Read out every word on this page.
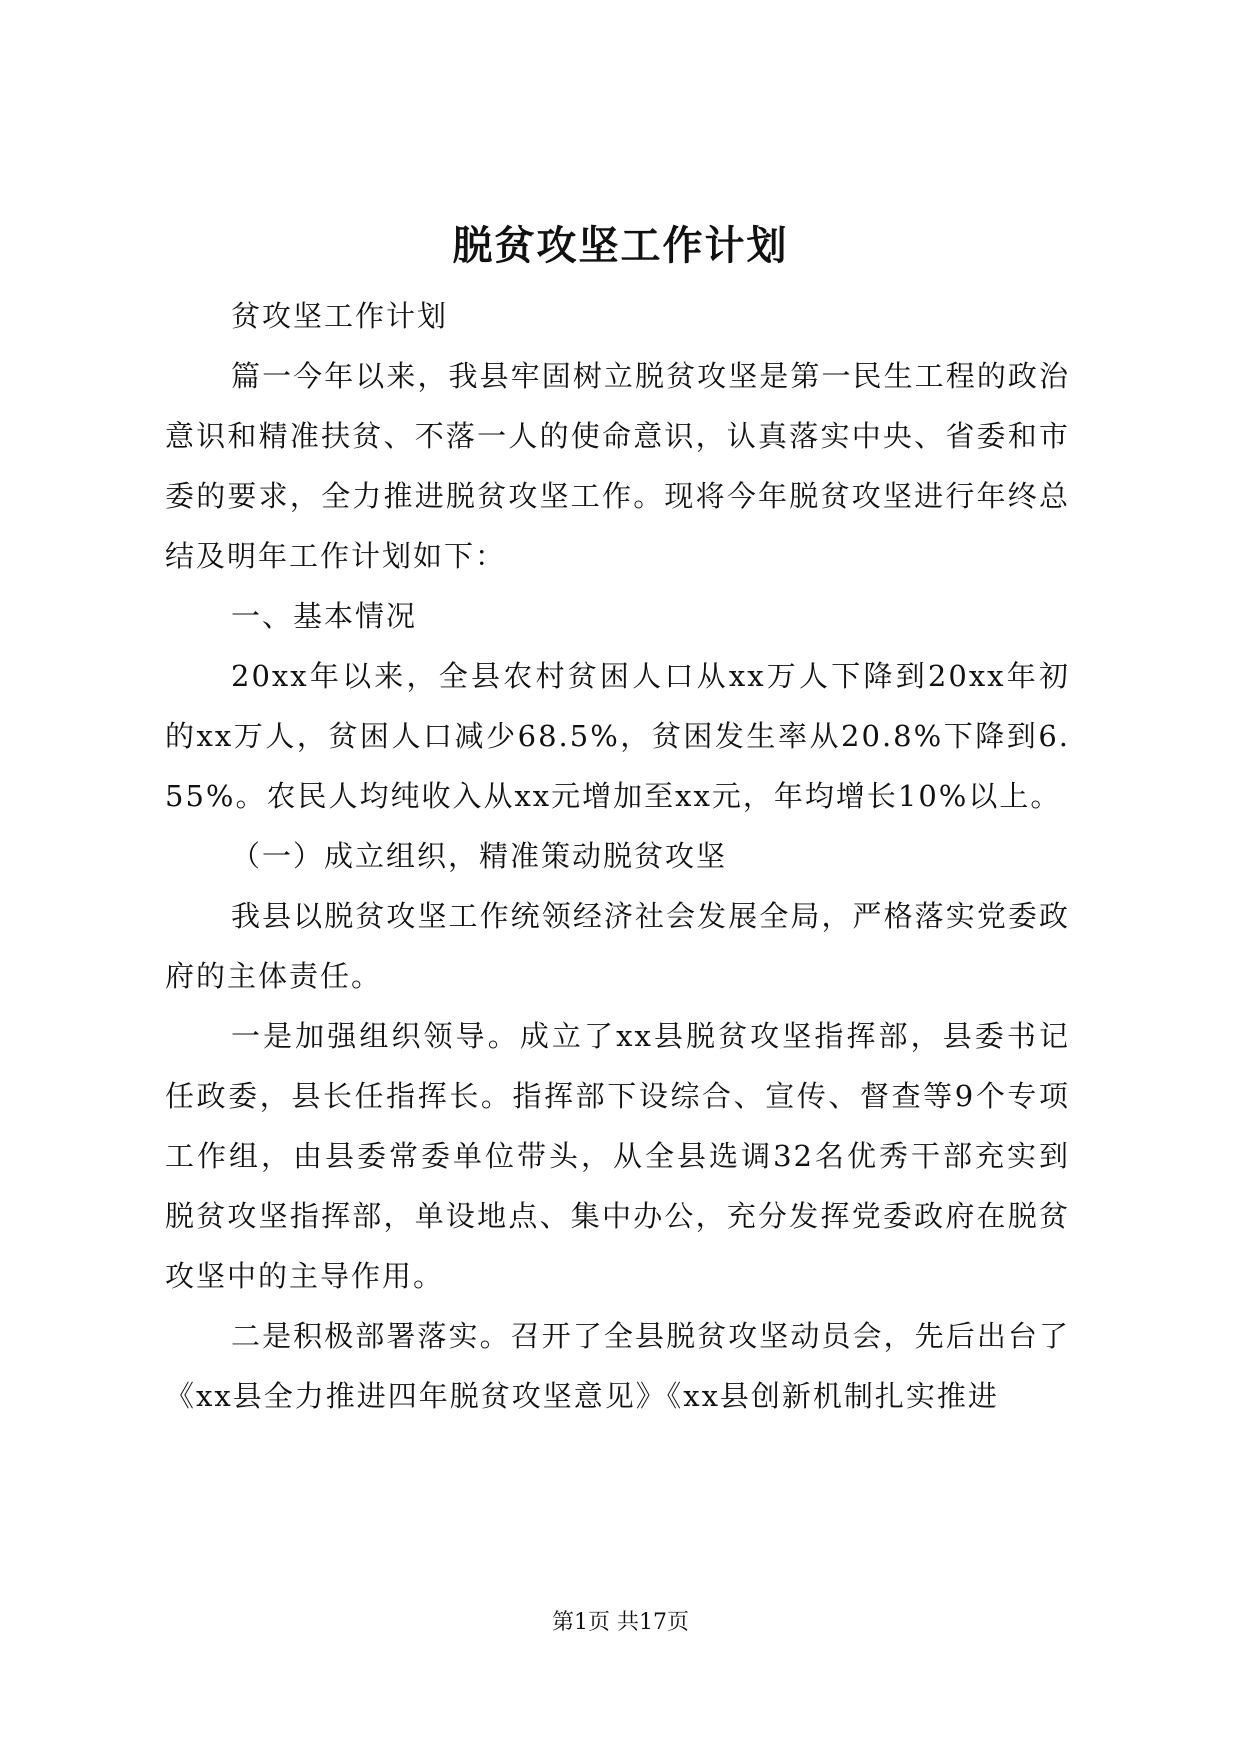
脱贫攻坚工作计划

贫攻坚工作计划

篇一今年以来，我县牢固树立脱贫攻坚是第一民生工程的政治意识和精准扶贫、不落一人的使命意识，认真落实中央、省委和市委的要求，全力推进脱贫攻坚工作。现将今年脱贫攻坚进行年终总结及明年工作计划如下：

一、基本情况

20xx年以来，全县农村贫困人口从xx万人下降到20xx年初的xx万人，贫困人口减少68.5%，贫困发生率从20.8%下降到6.55%。农民人均纯收入从xx元增加至xx元，年均增长10%以上。

（一）成立组织，精准策动脱贫攻坚

我县以脱贫攻坚工作统领经济社会发展全局，严格落实党委政府的主体责任。

一是加强组织领导。成立了xx县脱贫攻坚指挥部，县委书记任政委，县长任指挥长。指挥部下设综合、宣传、督查等9个专项工作组，由县委常委单位带头，从全县选调32名优秀干部充实到脱贫攻坚指挥部，单设地点、集中办公，充分发挥党委政府在脱贫攻坚中的主导作用。

二是积极部署落实。召开了全县脱贫攻坚动员会，先后出台了《xx县全力推进四年脱贫攻坚意见》《xx县创新机制扎实推进

第1页 共17页
